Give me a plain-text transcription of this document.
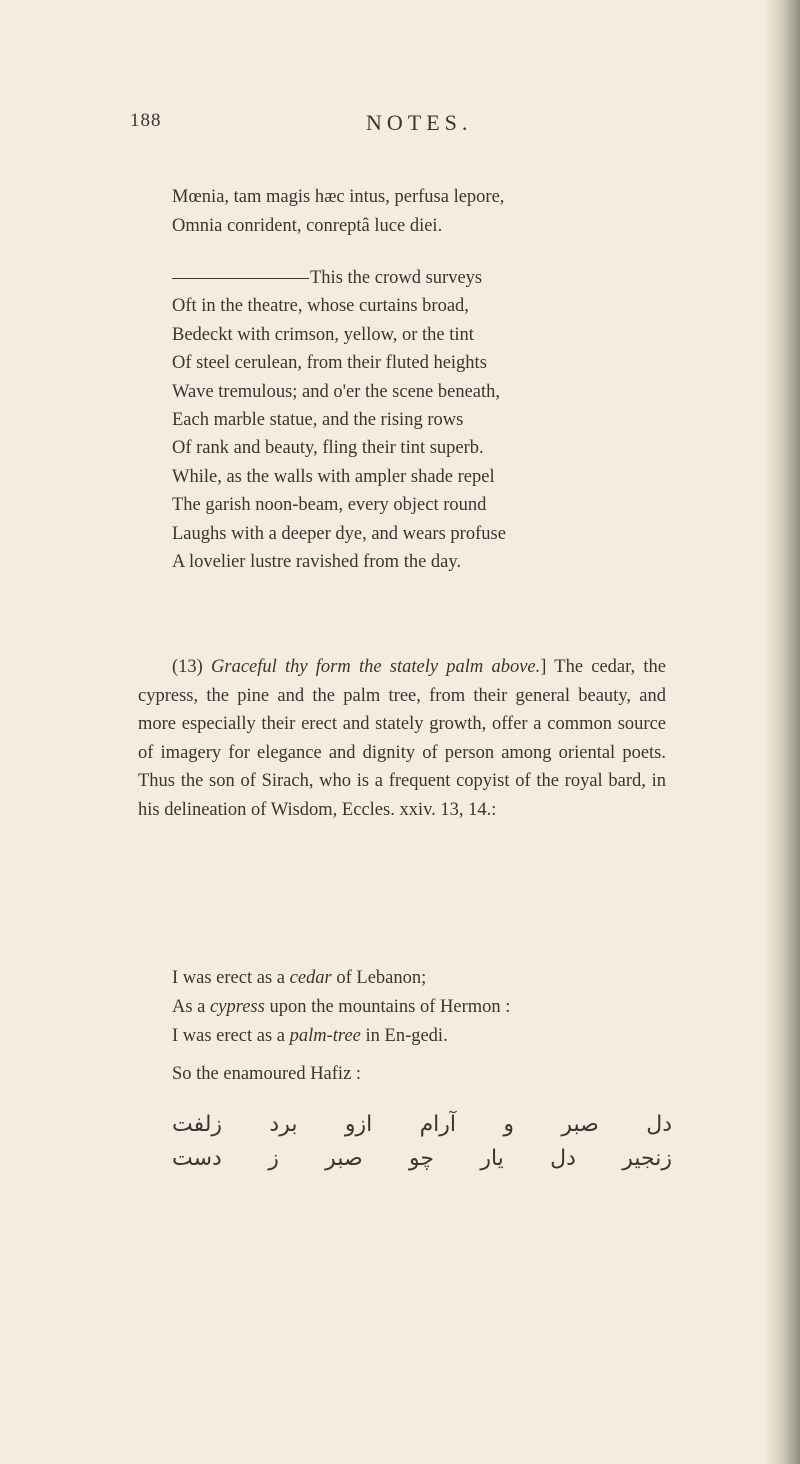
188	NOTES.
Mœnia, tam magis hæc intus, perfusa lepore,
Omnia conrident, conreptâ luce diei.
This the crowd surveys
Oft in the theatre, whose curtains broad,
Bedeckt with crimson, yellow, or the tint
Of steel cerulean, from their fluted heights
Wave tremulous; and o'er the scene beneath,
Each marble statue, and the rising rows
Of rank and beauty, fling their tint superb.
While, as the walls with ampler shade repel
The garish noon-beam, every object round
Laughs with a deeper dye, and wears profuse
A lovelier lustre ravished from the day.

(13) Graceful thy form the stately palm above.] The cedar, the cypress, the pine and the palm tree, from their general beauty, and more especially their erect and stately growth, offer a common source of imagery for elegance and dignity of person among oriental poets. Thus the son of Sirach, who is a frequent copyist of the royal bard, in his delineation of Wisdom, Eccles. xxiv. 13, 14.:

I was erect as a cedar of Lebanon;
As a cypress upon the mountains of Hermon :
I was erect as a palm-tree in En-gedi.
So the enamoured Hafiz :
دل صبر و آرام ازو برد زلفت
زنجیر دل یار چو صبر ز دست
